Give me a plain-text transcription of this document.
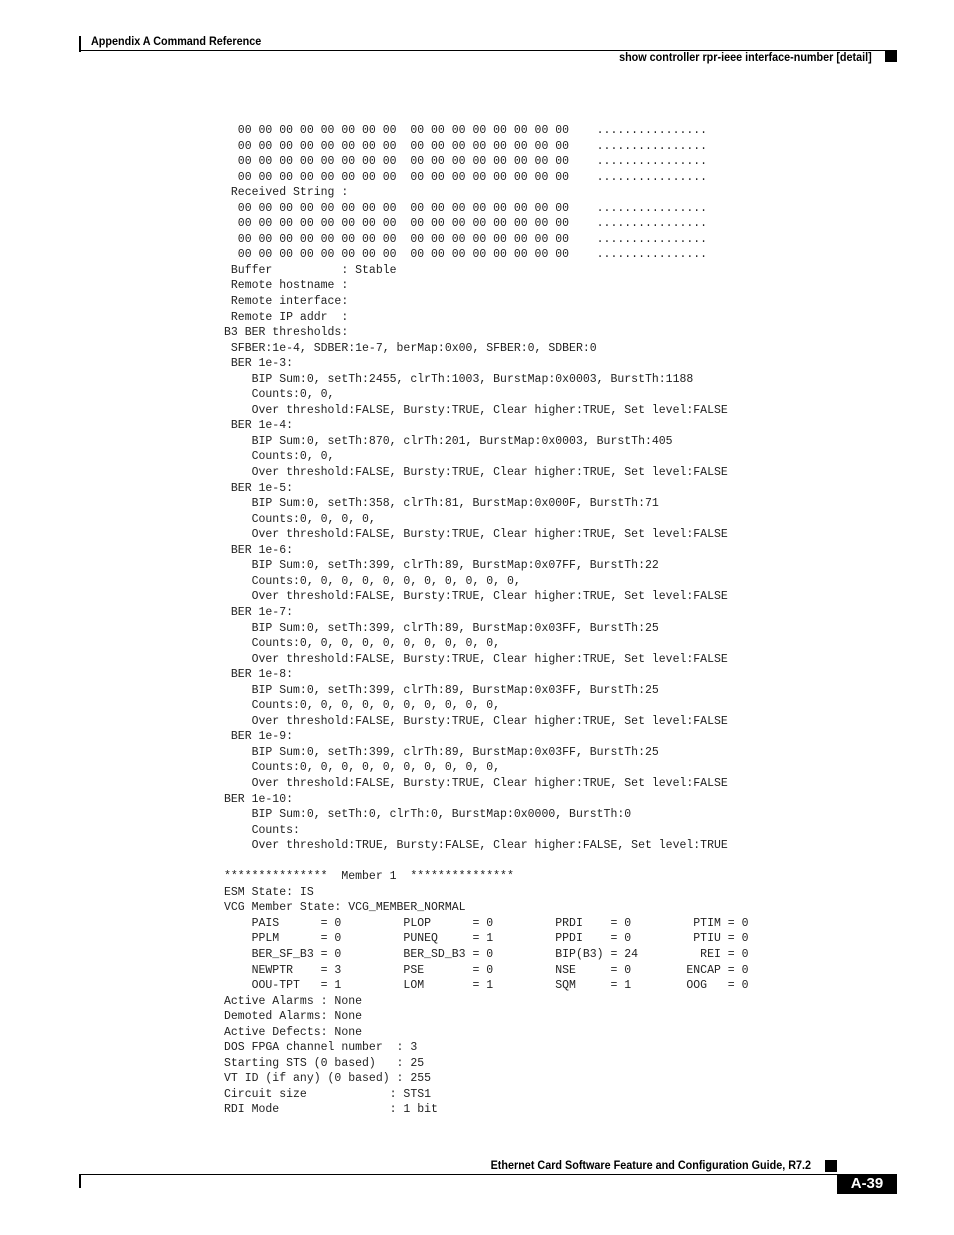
Appendix A Command Reference
show controller rpr-ieee interface-number [detail]
00 00 00 00 00 00 00 00  00 00 00 00 00 00 00 00    ................
00 00 00 00 00 00 00 00  00 00 00 00 00 00 00 00    ................
00 00 00 00 00 00 00 00  00 00 00 00 00 00 00 00    ................
00 00 00 00 00 00 00 00  00 00 00 00 00 00 00 00    ................
Received String :
00 00 00 00 00 00 00 00  00 00 00 00 00 00 00 00    ................
00 00 00 00 00 00 00 00  00 00 00 00 00 00 00 00    ................
00 00 00 00 00 00 00 00  00 00 00 00 00 00 00 00    ................
00 00 00 00 00 00 00 00  00 00 00 00 00 00 00 00    ................
Buffer          : Stable
Remote hostname :
Remote interface:
Remote IP addr  :
B3 BER thresholds:
SFBER:1e-4, SDBER:1e-7, berMap:0x00, SFBER:0, SDBER:0
BER 1e-3:
BIP Sum:0, setTh:2455, clrTh:1003, BurstMap:0x0003, BurstTh:1188
Counts:0, 0,
Over threshold:FALSE, Bursty:TRUE, Clear higher:TRUE, Set level:FALSE
BER 1e-4:
BIP Sum:0, setTh:870, clrTh:201, BurstMap:0x0003, BurstTh:405
Counts:0, 0,
Over threshold:FALSE, Bursty:TRUE, Clear higher:TRUE, Set level:FALSE
BER 1e-5:
BIP Sum:0, setTh:358, clrTh:81, BurstMap:0x000F, BurstTh:71
Counts:0, 0, 0, 0,
Over threshold:FALSE, Bursty:TRUE, Clear higher:TRUE, Set level:FALSE
BER 1e-6:
BIP Sum:0, setTh:399, clrTh:89, BurstMap:0x07FF, BurstTh:22
Counts:0, 0, 0, 0, 0, 0, 0, 0, 0, 0, 0,
Over threshold:FALSE, Bursty:TRUE, Clear higher:TRUE, Set level:FALSE
BER 1e-7:
BIP Sum:0, setTh:399, clrTh:89, BurstMap:0x03FF, BurstTh:25
Counts:0, 0, 0, 0, 0, 0, 0, 0, 0, 0,
Over threshold:FALSE, Bursty:TRUE, Clear higher:TRUE, Set level:FALSE
BER 1e-8:
BIP Sum:0, setTh:399, clrTh:89, BurstMap:0x03FF, BurstTh:25
Counts:0, 0, 0, 0, 0, 0, 0, 0, 0, 0,
Over threshold:FALSE, Bursty:TRUE, Clear higher:TRUE, Set level:FALSE
BER 1e-9:
BIP Sum:0, setTh:399, clrTh:89, BurstMap:0x03FF, BurstTh:25
Counts:0, 0, 0, 0, 0, 0, 0, 0, 0, 0,
Over threshold:FALSE, Bursty:TRUE, Clear higher:TRUE, Set level:FALSE
BER 1e-10:
BIP Sum:0, setTh:0, clrTh:0, BurstMap:0x0000, BurstTh:0
Counts:
Over threshold:TRUE, Bursty:FALSE, Clear higher:FALSE, Set level:TRUE
***************  Member 1  ***************
ESM State: IS
VCG Member State: VCG_MEMBER_NORMAL
PAIS      = 0         PLOP      = 0         PRDI    = 0         PTIM = 0
PPLM      = 0         PUNEQ     = 1         PPDI    = 0         PTIU = 0
BER_SF_B3 = 0         BER_SD_B3 = 0         BIP(B3) = 24         REI = 0
NEWPTR    = 3         PSE       = 0         NSE     = 0        ENCAP = 0
OOU-TPT   = 1         LOM       = 1         SQM     = 1        OOG   = 0
Active Alarms : None
Demoted Alarms: None
Active Defects: None
DOS FPGA channel number  : 3
Starting STS (0 based)   : 25
VT ID (if any) (0 based) : 255
Circuit size            : STS1
RDI Mode                : 1 bit
Ethernet Card Software Feature and Configuration Guide, R7.2
A-39
